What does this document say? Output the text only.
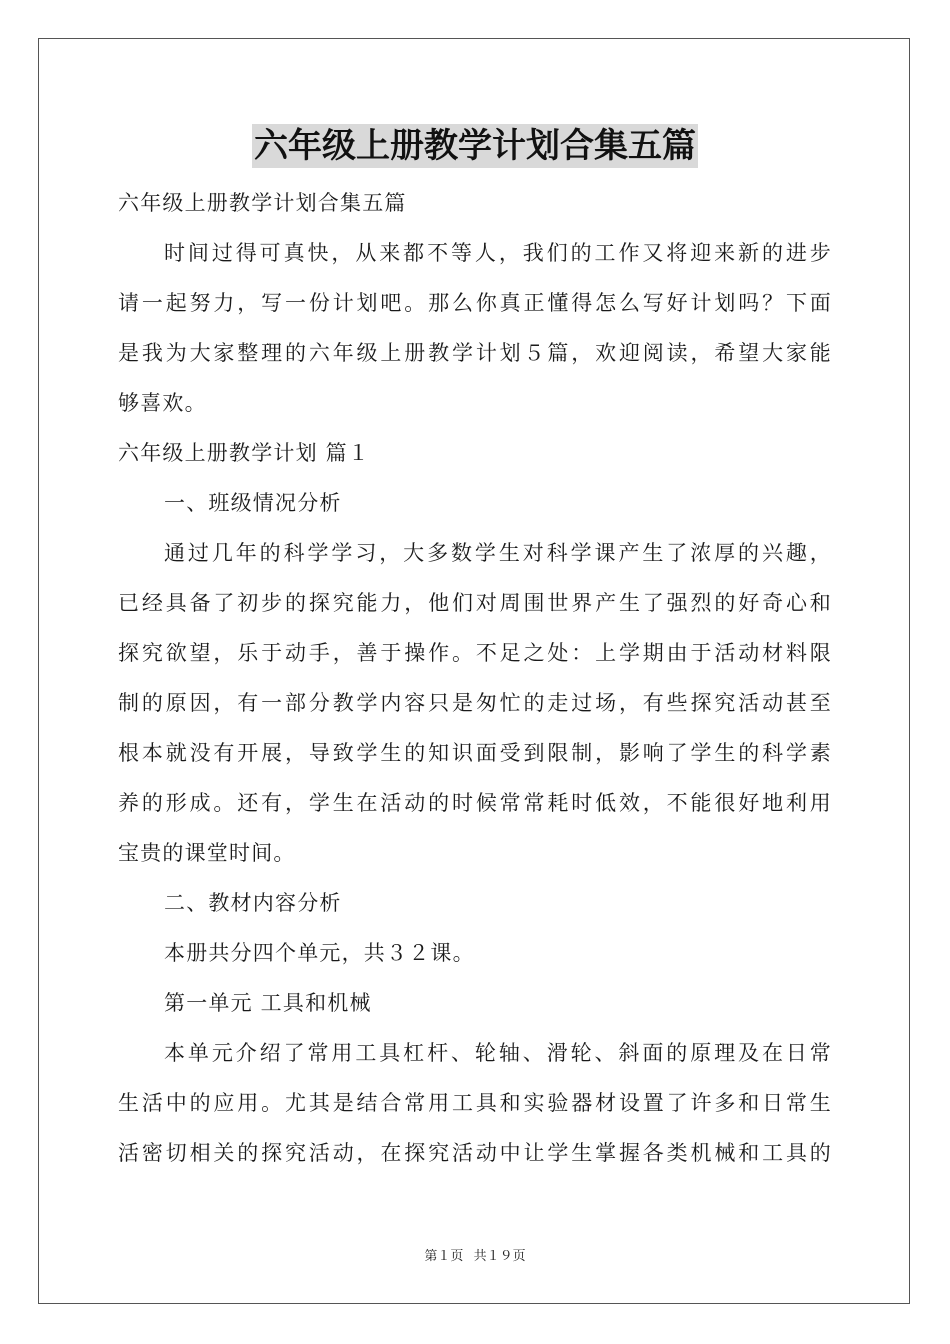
六年级上册教学计划合集五篇
六年级上册教学计划合集五篇
时间过得可真快，从来都不等人，我们的工作又将迎来新的进步
请一起努力，写一份计划吧。那么你真正懂得怎么写好计划吗？下面
是我为大家整理的六年级上册教学计划５篇，欢迎阅读，希望大家能
够喜欢。
六年级上册教学计划 篇１
一、班级情况分析
通过几年的科学学习，大多数学生对科学课产生了浓厚的兴趣，
已经具备了初步的探究能力，他们对周围世界产生了强烈的好奇心和
探究欲望，乐于动手，善于操作。不足之处：上学期由于活动材料限
制的原因，有一部分教学内容只是匆忙的走过场，有些探究活动甚至
根本就没有开展，导致学生的知识面受到限制，影响了学生的科学素
养的形成。还有，学生在活动的时候常常耗时低效，不能很好地利用
宝贵的课堂时间。
二、教材内容分析
本册共分四个单元，共３２课。
第一单元 工具和机械
本单元介绍了常用工具杠杆、轮轴、滑轮、斜面的原理及在日常
生活中的应用。尤其是结合常用工具和实验器材设置了许多和日常生
活密切相关的探究活动，在探究活动中让学生掌握各类机械和工具的
第１页 共１９页
